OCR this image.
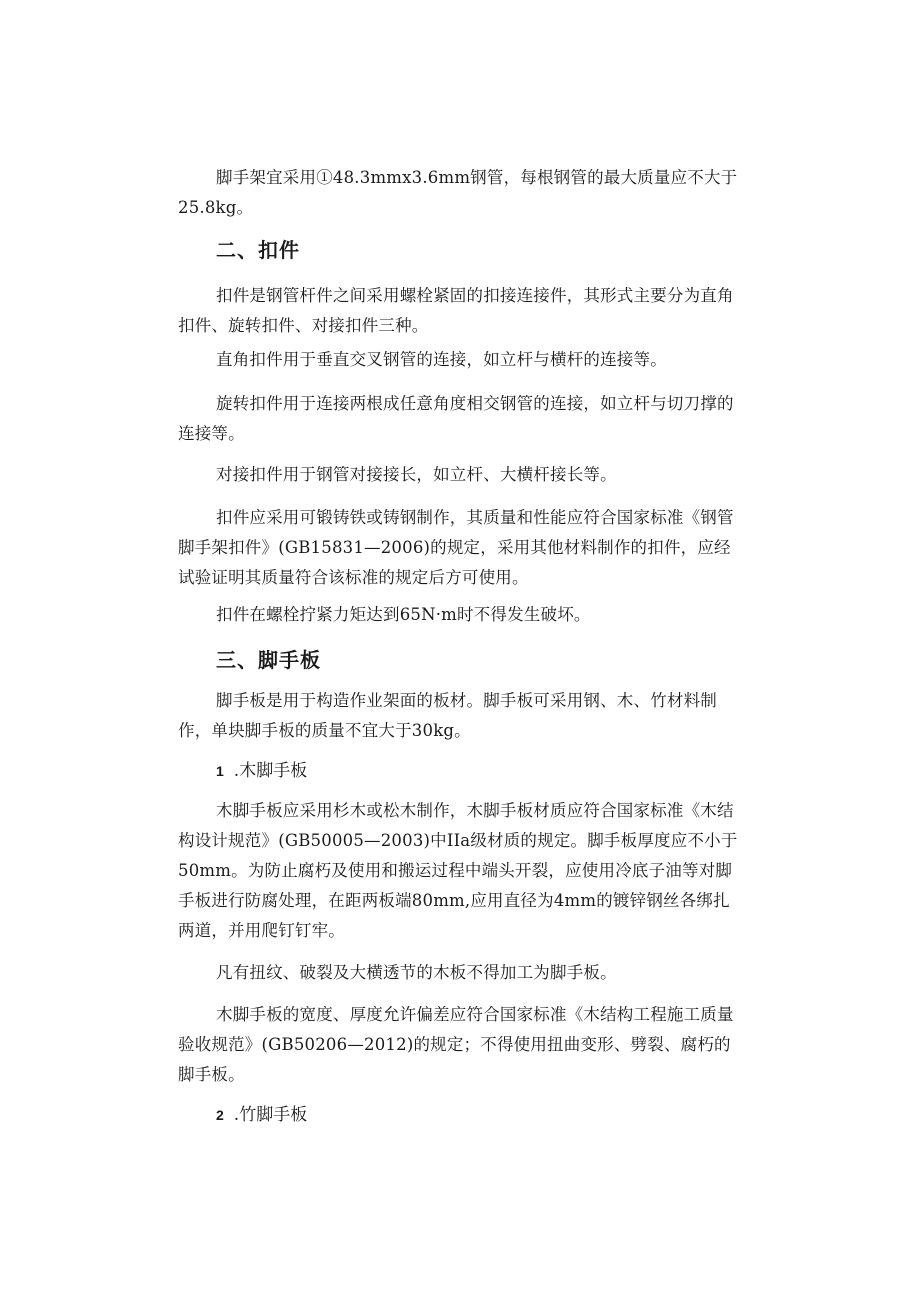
脚手架宜采用①48.3mmx3.6mm钢管，每根钢管的最大质量应不大于25.8kg。

二、扣件

扣件是钢管杆件之间采用螺栓紧固的扣接连接件，其形式主要分为直角扣件、旋转扣件、对接扣件三种。

直角扣件用于垂直交叉钢管的连接，如立杆与横杆的连接等。

旋转扣件用于连接两根成任意角度相交钢管的连接，如立杆与切刀撑的连接等。

对接扣件用于钢管对接接长，如立杆、大横杆接长等。

扣件应采用可锻铸铁或铸钢制作，其质量和性能应符合国家标准《钢管脚手架扣件》(GB15831—2006)的规定，采用其他材料制作的扣件，应经试验证明其质量符合该标准的规定后方可使用。

扣件在螺栓拧紧力矩达到65N·m时不得发生破坏。

三、脚手板

脚手板是用于构造作业架面的板材。脚手板可采用钢、木、竹材料制作，单块脚手板的质量不宜大于30kg。

1 .木脚手板

木脚手板应采用杉木或松木制作，木脚手板材质应符合国家标准《木结构设计规范》(GB50005—2003)中IIa级材质的规定。脚手板厚度应不小于50mm。为防止腐朽及使用和搬运过程中端头开裂，应使用冷底子油等对脚手板进行防腐处理，在距两板端80mm,应用直径为4mm的镀锌钢丝各绑扎两道，并用爬钉钉牢。

凡有扭纹、破裂及大横透节的木板不得加工为脚手板。

木脚手板的宽度、厚度允许偏差应符合国家标准《木结构工程施工质量验收规范》(GB50206—2012)的规定；不得使用扭曲变形、劈裂、腐朽的脚手板。

2 .竹脚手板
